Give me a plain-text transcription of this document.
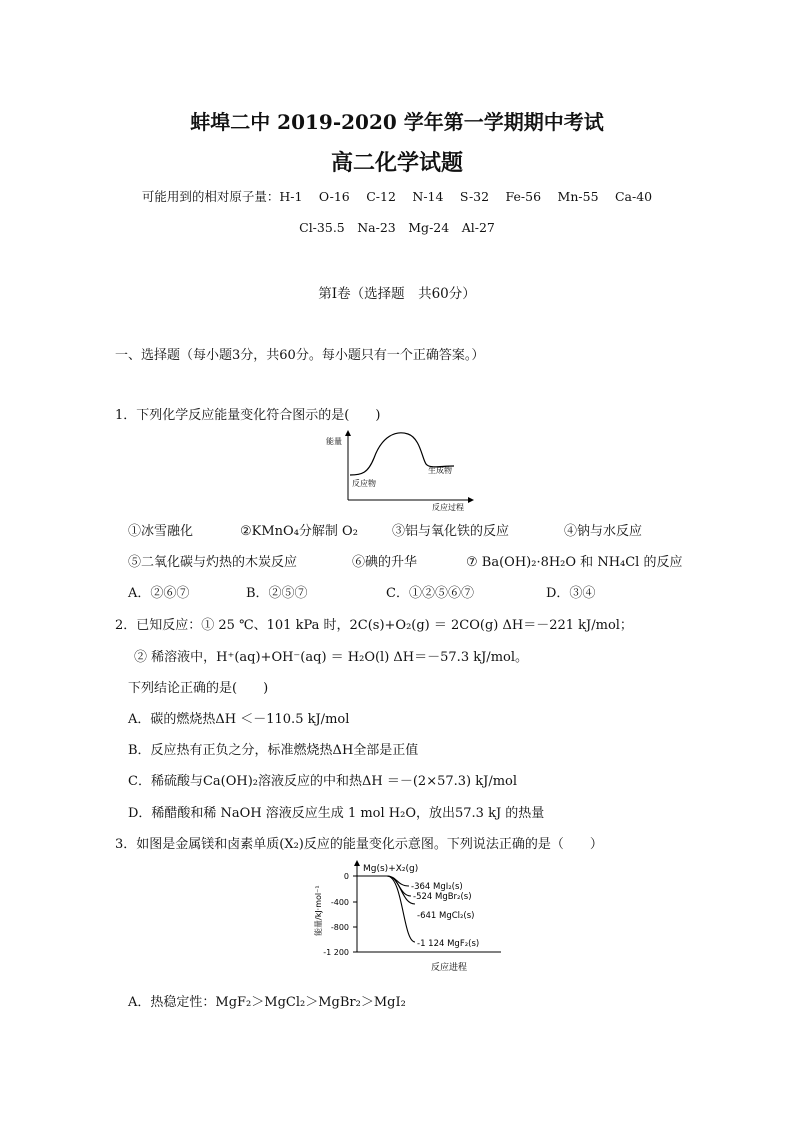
蚌埠二中 2019-2020 学年第一学期期中考试
高二化学试题
可能用到的相对原子量：H-1　 O-16　 C-12　 N-14　 S-32　 Fe-56　 Mn-55　 Ca-40
Cl-35.5　Na-23　Mg-24　Al-27
第Ⅰ卷（选择题　共60分）
一、选择题（每小题3分，共60分。每小题只有一个正确答案。）
1．下列化学反应能量变化符合图示的是(　　)
能量
反应物
生成物
反应过程
①冰雪融化	②KMnO₄分解制 O₂	③铝与氧化铁的反应	④钠与水反应
⑤二氧化碳与灼热的木炭反应	⑥碘的升华	⑦ Ba(OH)₂·8H₂O 和 NH₄Cl 的反应
A．②⑥⑦	B．②⑤⑦	C．①②⑤⑥⑦	D．③④
2．已知反应：① 25 ℃、101 kPa 时，2C(s)+O₂(g) ＝ 2CO(g) ΔH＝－221 kJ/mol；
② 稀溶液中，H⁺(aq)+OH⁻(aq) ＝ H₂O(l) ΔH＝－57.3 kJ/mol。
下列结论正确的是(　　)
A．碳的燃烧热ΔH ＜－110.5 kJ/mol
B．反应热有正负之分，标准燃烧热ΔH全部是正值
C．稀硫酸与Ca(OH)₂溶液反应的中和热ΔH ＝－(2×57.3) kJ/mol
D．稀醋酸和稀 NaOH 溶液反应生成 1 mol H₂O，放出57.3 kJ 的热量
3．如图是金属镁和卤素单质(X₂)反应的能量变化示意图。下列说法正确的是（　　）
0
-400
-800
-1 200
能量/kJ·mol⁻¹
Mg(s)+X₂(g)
-364 MgI₂(s)
-524 MgBr₂(s)
-641 MgCl₂(s)
-1 124 MgF₂(s)
反应进程
A．热稳定性：MgF₂＞MgCl₂＞MgBr₂＞MgI₂
